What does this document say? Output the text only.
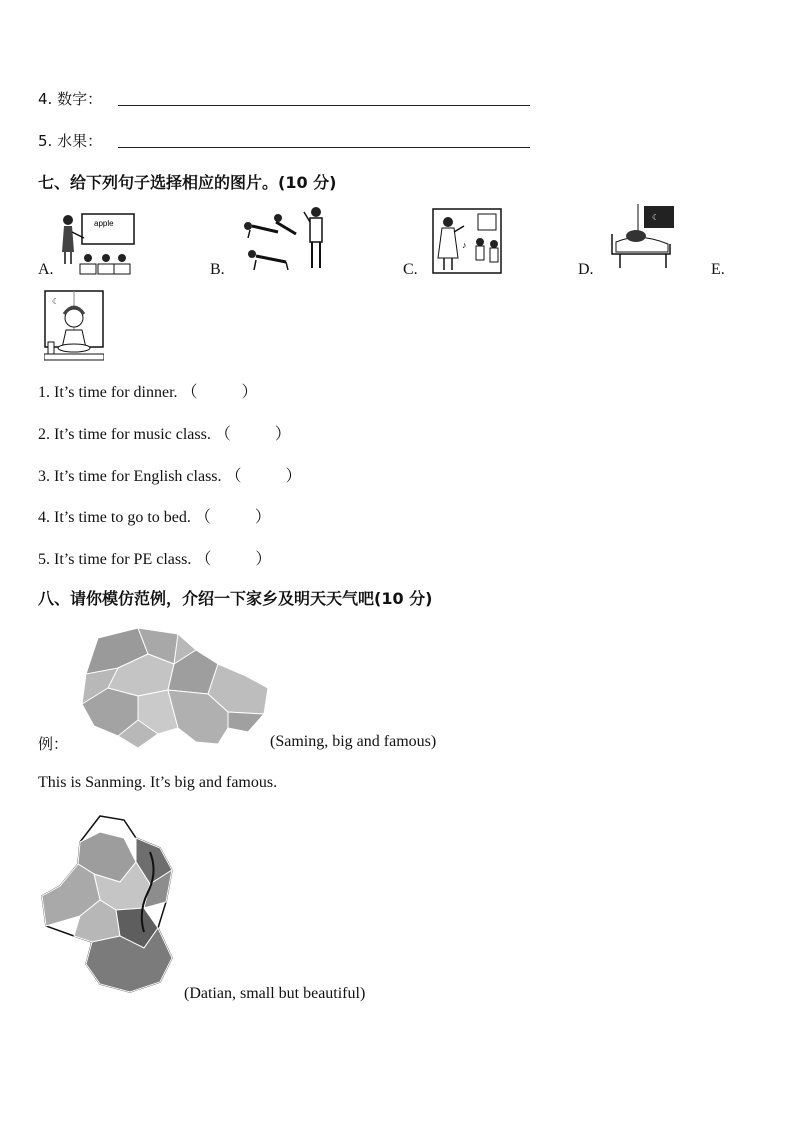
4. 数字：
5. 水果：
七、给下列句子选择相应的图片。(10 分)
apple
A.	B.
♪
C.
☾
D.	E.
☾
1. It’s time for dinner. （	）
2. It’s time for music class. （	）
3. It’s time for English class. （	）
4. It’s time to go to bed. （	）
5. It’s time for PE class. （	）
八、请你模仿范例，介绍一下家乡及明天天气吧(10 分)
例：	(Saming, big and famous)
This is Sanming. It’s big and famous.
(Datian, small but beautiful)
